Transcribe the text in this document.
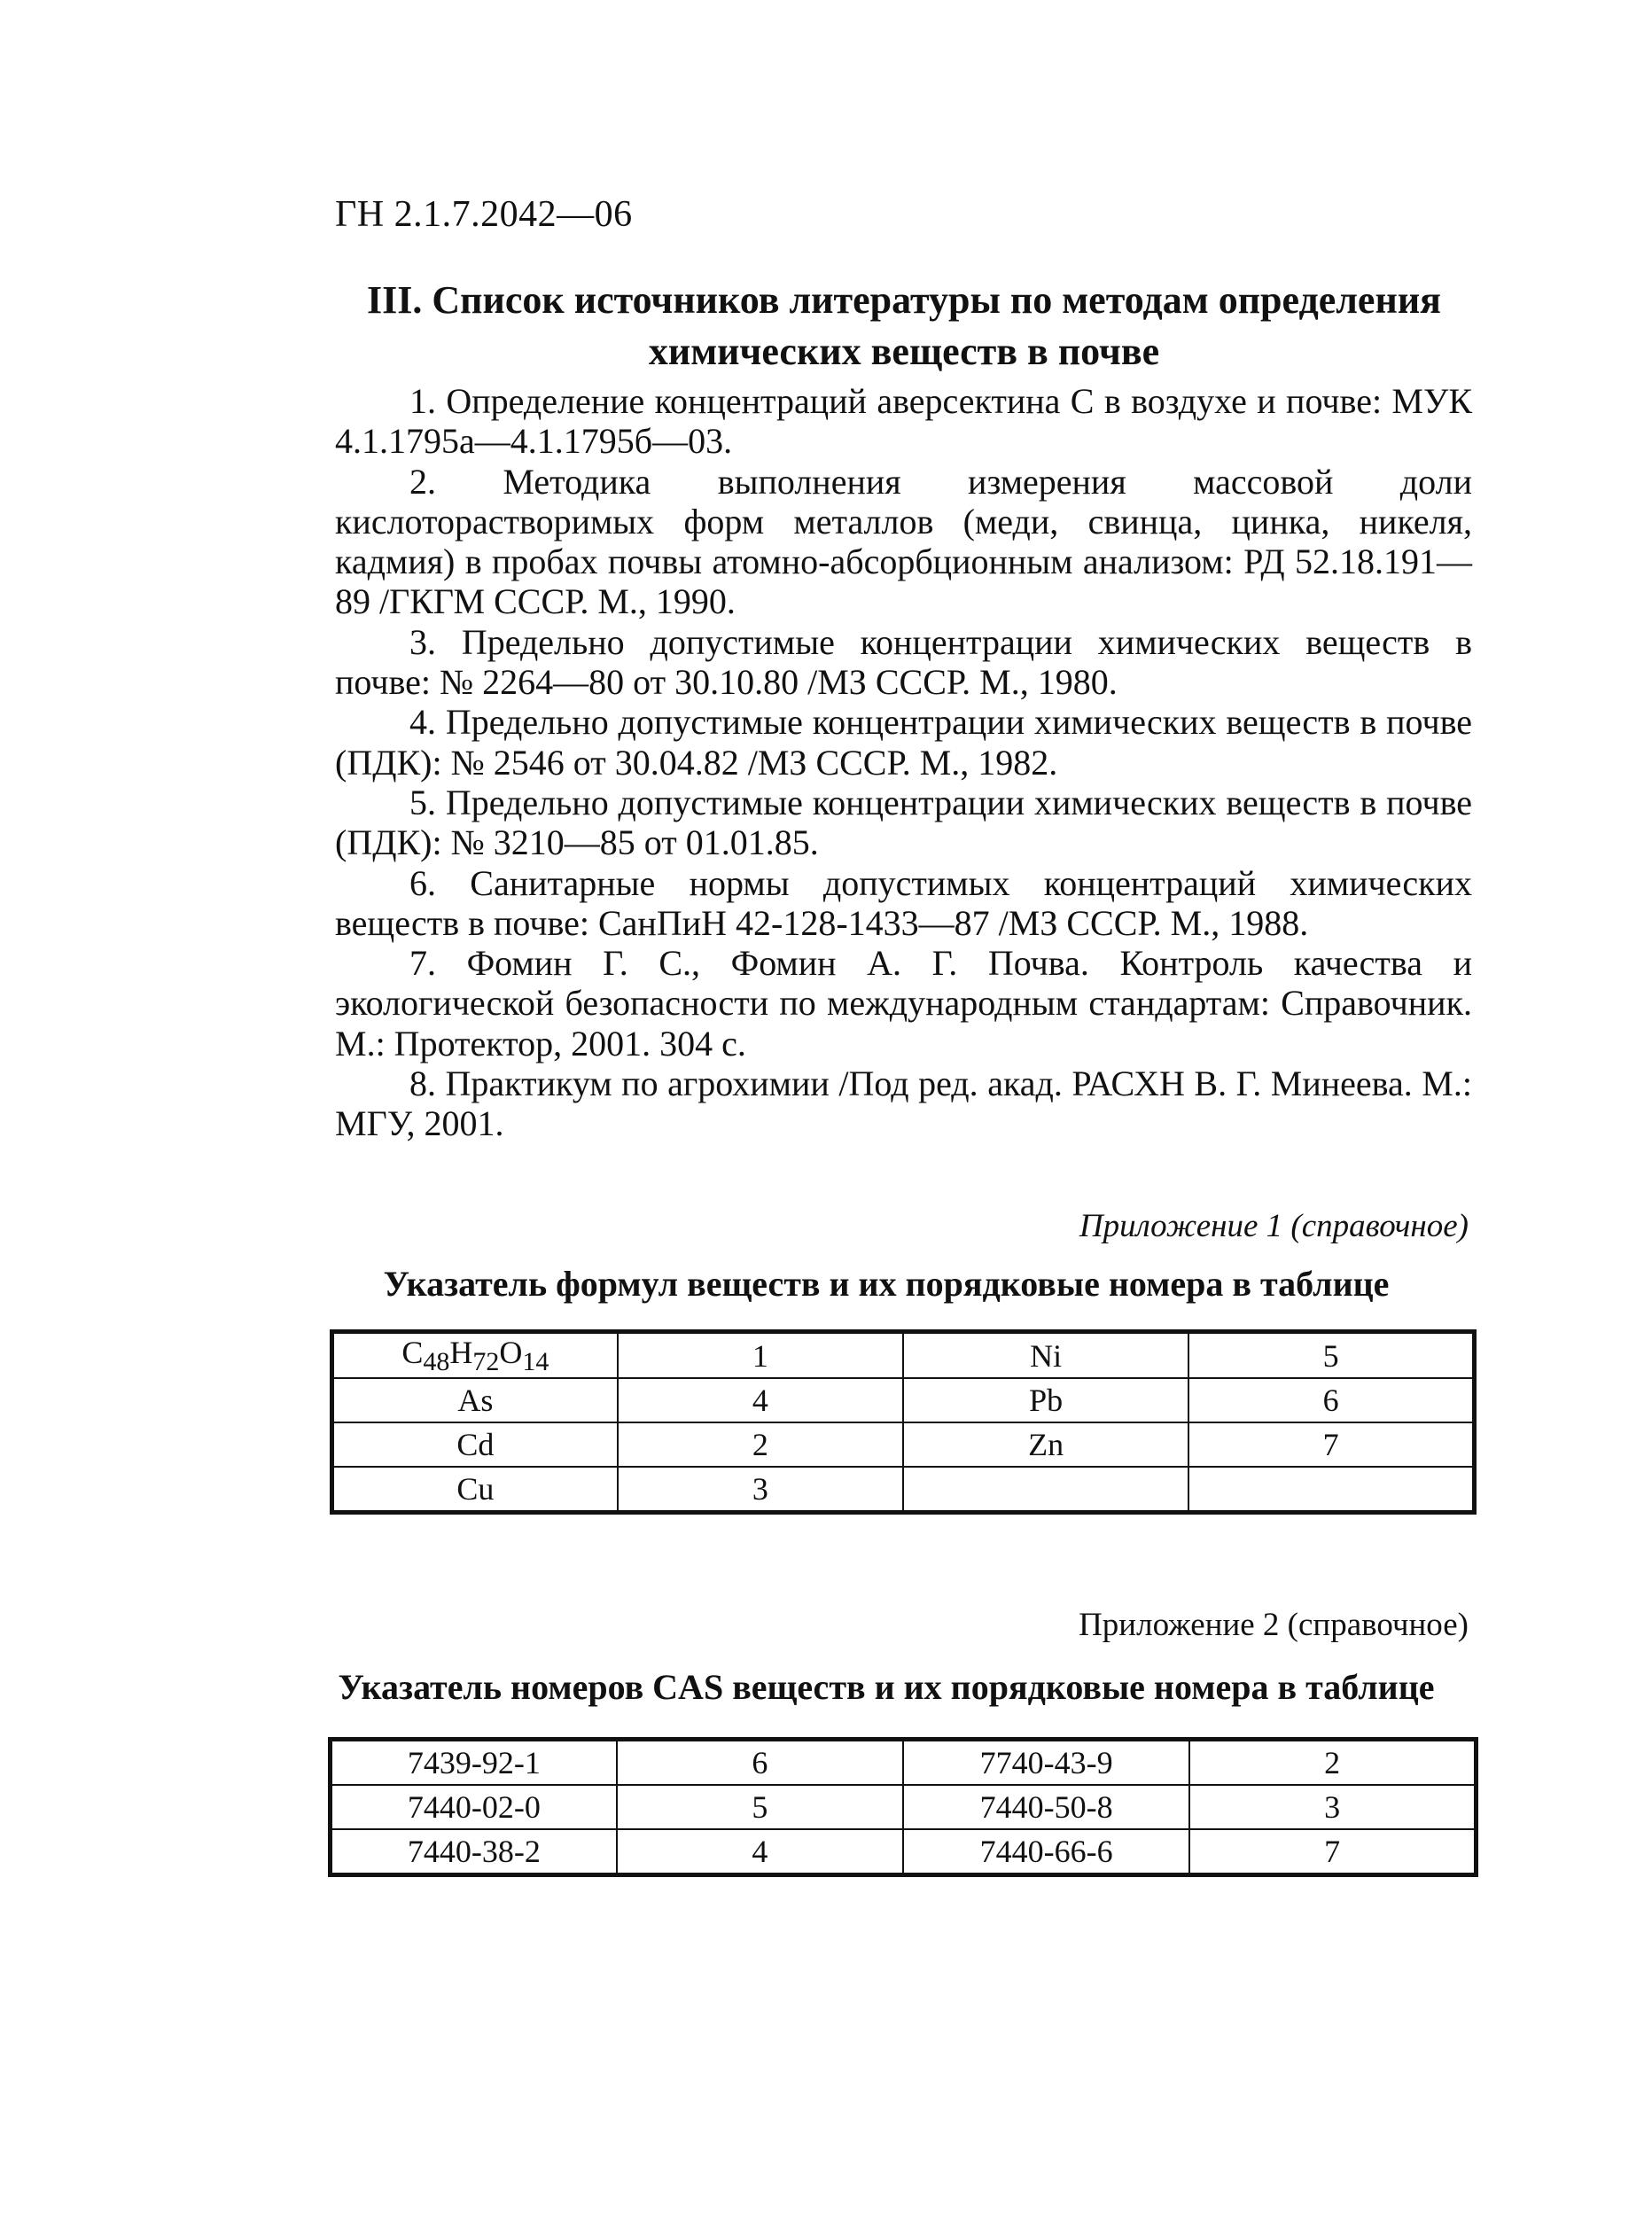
ГН 2.1.7.2042—06
III. Список источников литературы по методам определения
химических веществ в почве

1. Определение концентраций аверсектина С в воздухе и почве: МУК 4.1.1795а—4.1.1795б—03.

2. Методика выполнения измерения массовой доли кислоторастворимых форм металлов (меди, свинца, цинка, никеля, кадмия) в пробах почвы атомно-абсорбционным анализом: РД 52.18.191—89 /ГКГМ СССР. М., 1990.

3. Предельно допустимые концентрации химических веществ в почве: № 2264—80 от 30.10.80 /МЗ СССР. М., 1980.

4. Предельно допустимые концентрации химических веществ в почве (ПДК): № 2546 от 30.04.82 /МЗ СССР. М., 1982.

5. Предельно допустимые концентрации химических веществ в почве (ПДК): № 3210—85 от 01.01.85.

6. Санитарные нормы допустимых концентраций химических веществ в почве: СанПиН 42-128-1433—87 /МЗ СССР. М., 1988.

7. Фомин Г. С., Фомин А. Г. Почва. Контроль качества и экологической безопасности по международным стандартам: Справочник. М.: Протектор, 2001. 304 с.

8. Практикум по агрохимии /Под ред. акад. РАСХН В. Г. Минеева. М.: МГУ, 2001.

Приложение 1 (справочное)
Указатель формул веществ и их порядковые номера в таблице
$C_{48}H_{72}O_{14}$	1	Ni	5
As	4	Pb	6
Cd	2	Zn	7
Cu	3		
Приложение 2 (справочное)
Указатель номеров CAS веществ и их порядковые номера в таблице
7439-92-1	6	7740-43-9	2
7440-02-0	5	7440-50-8	3
7440-38-2	4	7440-66-6	7
